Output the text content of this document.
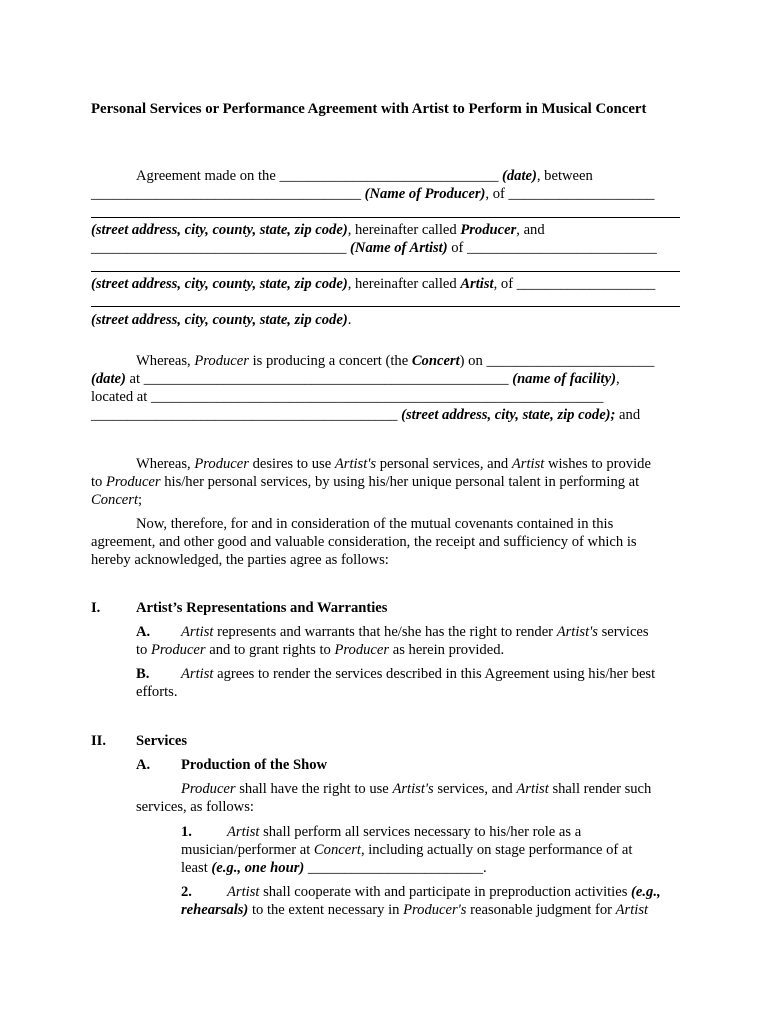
Personal Services or Performance Agreement with Artist to Perform in Musical Concert
Agreement made on the ______________________________ (date), between
_____________________________________ (Name of Producer), of ____________________
(street address, city, county, state, zip code), hereinafter called Producer, and
___________________________________ (Name of Artist) of __________________________
(street address, city, county, state, zip code), hereinafter called Artist, of ___________________
(street address, city, county, state, zip code).
Whereas, Producer is producing a concert (the Concert) on _______________________
(date) at __________________________________________________ (name of facility),
located at ______________________________________________________________
__________________________________________ (street address, city, state, zip code); and
Whereas, Producer desires to use Artist's personal services, and Artist wishes to provide
to Producer his/her personal services, by using his/her unique personal talent in performing at
Concert;
Now, therefore, for and in consideration of the mutual covenants contained in this
agreement, and other good and valuable consideration, the receipt and sufficiency of which is
hereby acknowledged, the parties agree as follows:
I. Artist’s Representations and Warranties
A. Artist represents and warrants that he/she has the right to render Artist's services
to Producer and to grant rights to Producer as herein provided.
B. Artist agrees to render the services described in this Agreement using his/her best
efforts.
II. Services
A. Production of the Show
Producer shall have the right to use Artist's services, and Artist shall render such
services, as follows:
1. Artist shall perform all services necessary to his/her role as a
musician/performer at Concert, including actually on stage performance of at
least (e.g., one hour) ________________________.
2. Artist shall cooperate with and participate in preproduction activities (e.g.,
rehearsals) to the extent necessary in Producer's reasonable judgment for Artist
